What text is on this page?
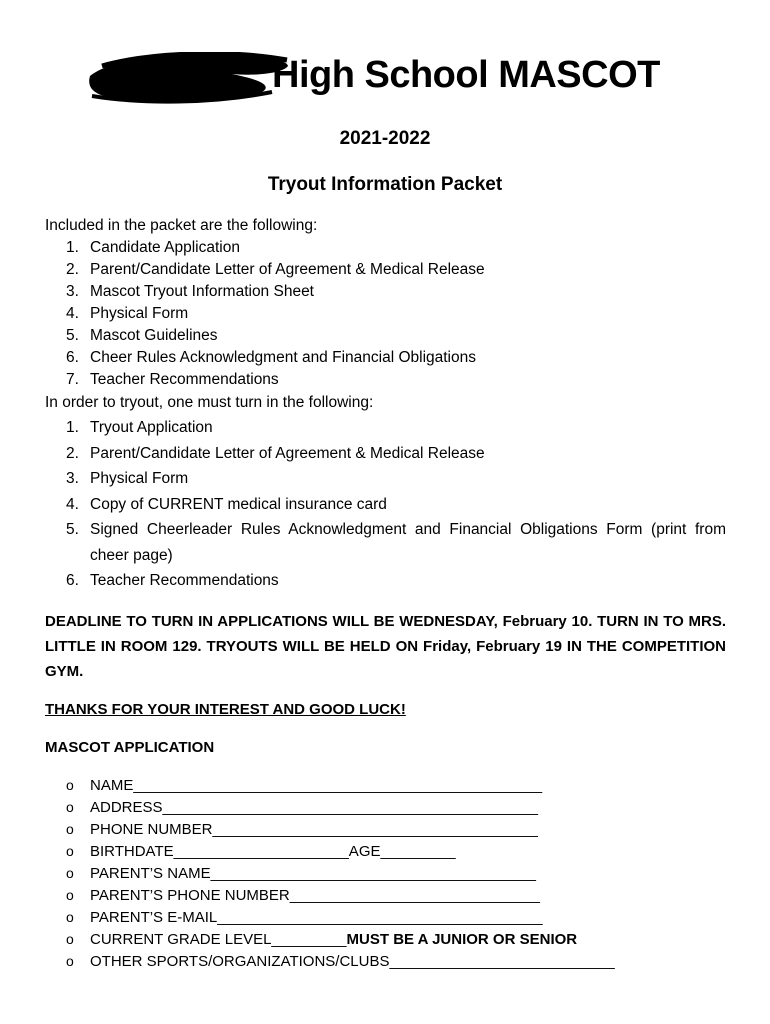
High School MASCOT
2021-2022
Tryout Information Packet
Included in the packet are the following:
1. Candidate Application
2. Parent/Candidate Letter of Agreement & Medical Release
3. Mascot Tryout Information Sheet
4. Physical Form
5. Mascot Guidelines
6. Cheer Rules Acknowledgment and Financial Obligations
7. Teacher Recommendations
In order to tryout, one must turn in the following:
1. Tryout Application
2. Parent/Candidate Letter of Agreement & Medical Release
3. Physical Form
4. Copy of CURRENT medical insurance card
5. Signed Cheerleader Rules Acknowledgment and Financial Obligations Form (print from
cheer page)
6. Teacher Recommendations
DEADLINE TO TURN IN APPLICATIONS WILL BE WEDNESDAY, February 10. TURN IN TO MRS.
LITTLE IN ROOM 129. TRYOUTS WILL BE HELD ON Friday, February 19 IN THE COMPETITION
GYM.
THANKS FOR YOUR INTEREST AND GOOD LUCK!
MASCOT APPLICATION
o NAME_________________________________________________
o ADDRESS_____________________________________________
o PHONE NUMBER_______________________________________
o BIRTHDATE_____________________AGE_________
o PARENT’S NAME_______________________________________
o PARENT’S PHONE NUMBER______________________________
o PARENT’S E-MAIL_______________________________________
o CURRENT GRADE LEVEL_________MUST BE A JUNIOR OR SENIOR
o OTHER SPORTS/ORGANIZATIONS/CLUBS___________________________
